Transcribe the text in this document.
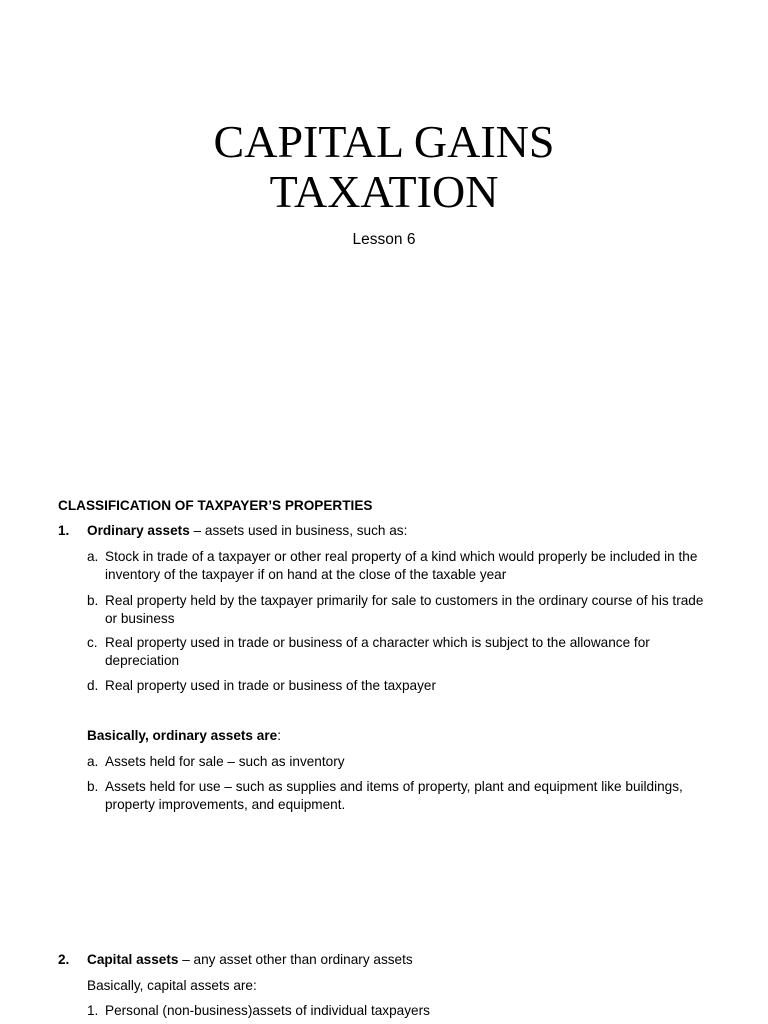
CAPITAL GAINS
TAXATION
Lesson 6

CLASSIFICATION OF TAXPAYER’S PROPERTIES

1. Ordinary assets – assets used in business, such as:

a. Stock in trade of a taxpayer or other real property of a kind which would properly be included in the inventory of the taxpayer if on hand at the close of the taxable year
b. Real property held by the taxpayer primarily for sale to customers in the ordinary course of his trade or business
c. Real property used in trade or business of a character which is subject to the allowance for depreciation
d. Real property used in trade or business of the taxpayer

Basically, ordinary assets are:

a. Assets held for sale – such as inventory
b. Assets held for use – such as supplies and items of property, plant and equipment like buildings, property improvements, and equipment.
2. Capital assets – any asset other than ordinary assets

Basically, capital assets are:

1. Personal (non-business)assets of individual taxpayers
